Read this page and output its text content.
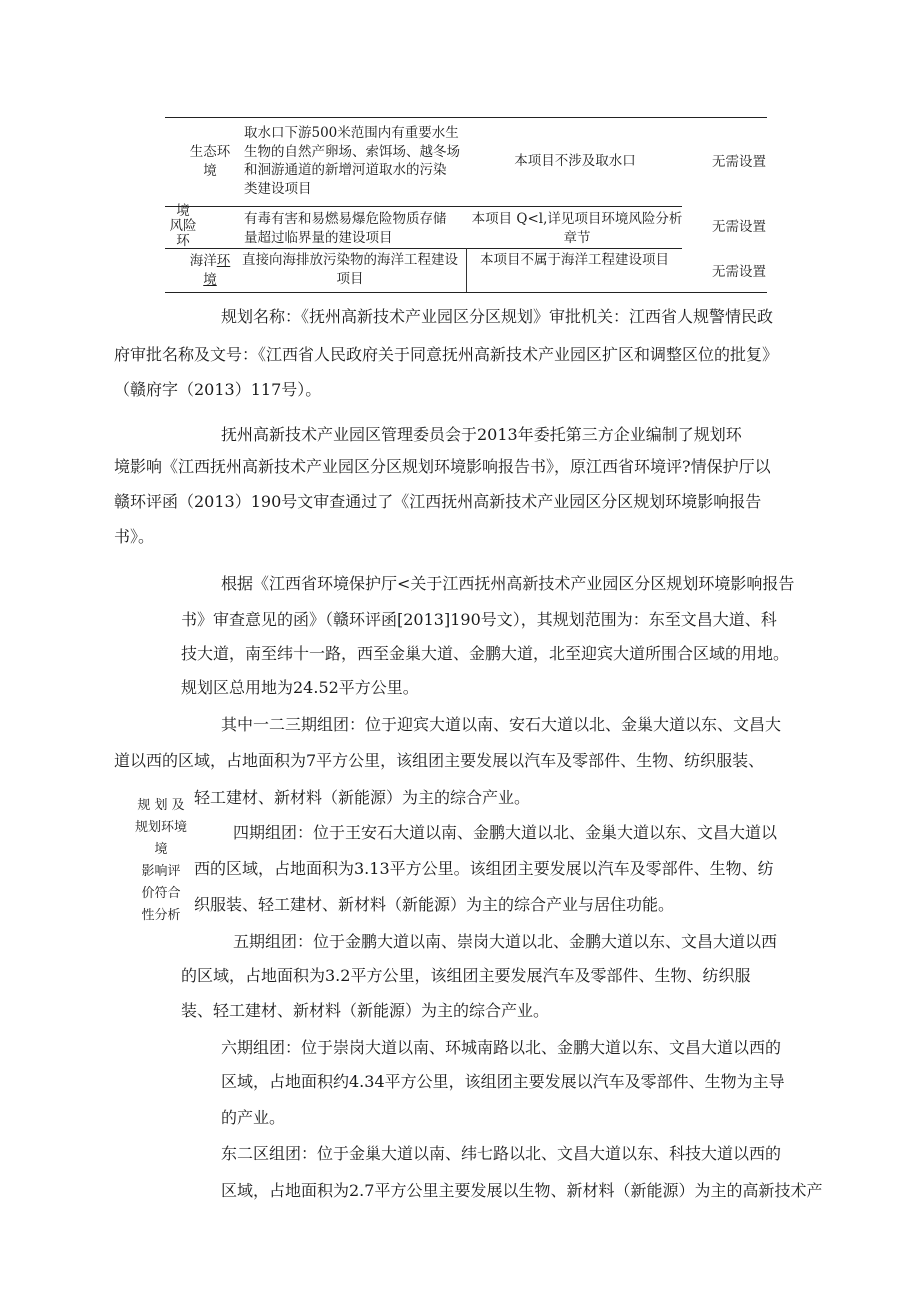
生态环
境
取水口下游500米范围内有重要水生
生物的自然产卵场、索饵场、越冬场
和洄游通道的新增河道取水的污染
类建设项目
本项目不涉及取水口	无需设置
境
风险
环
有毒有害和易燃易爆危险物质存储
量超过临界量的建设项目
本项目 Q<l,详见项目环境风险分析
章节
无需设置
海洋环
境
直接向海排放污染物的海洋工程建设
项目
本项目不属于海洋工程建设项目
无需设置
规 划 及
规划环境
境
影响评
价符合
性分析
规划名称：《抚州高新技术产业园区分区规划》审批机关：江西省人规警情民政
府审批名称及文号：《江西省人民政府关于同意抚州高新技术产业园区扩区和调整区位的批复》
（赣府字（2013）117号）。
抚州高新技术产业园区管理委员会于2013年委托第三方企业编制了规划环
境影响《江西抚州高新技术产业园区分区规划环境影响报告书》，原江西省环境评?情保护厅以
赣环评函（2013）190号文审查通过了《江西抚州高新技术产业园区分区规划环境影响报告
书》。
根据《江西省环境保护厅<关于江西抚州高新技术产业园区分区规划环境影响报告
书》审查意见的函》（赣环评函[2013]190号文），其规划范围为：东至文昌大道、科
技大道，南至纬十一路，西至金巢大道、金鹏大道，北至迎宾大道所围合区域的用地。
规划区总用地为24.52平方公里。
其中一二三期组团：位于迎宾大道以南、安石大道以北、金巢大道以东、文昌大
道以西的区域，占地面积为7平方公里，该组团主要发展以汽车及零部件、生物、纺织服装、
轻工建材、新材料（新能源）为主的综合产业。
四期组团：位于王安石大道以南、金鹏大道以北、金巢大道以东、文昌大道以
西的区域，占地面积为3.13平方公里。该组团主要发展以汽车及零部件、生物、纺
织服装、轻工建材、新材料（新能源）为主的综合产业与居住功能。
五期组团：位于金鹏大道以南、崇岗大道以北、金鹏大道以东、文昌大道以西
的区域，占地面积为3.2平方公里，该组团主要发展汽车及零部件、生物、纺织服
装、轻工建材、新材料（新能源）为主的综合产业。
六期组团：位于崇岗大道以南、环城南路以北、金鹏大道以东、文昌大道以西的
区域，占地面积约4.34平方公里，该组团主要发展以汽车及零部件、生物为主导
的产业。
东二区组团：位于金巢大道以南、纬七路以北、文昌大道以东、科技大道以西的
区域，占地面积为2.7平方公里主要发展以生物、新材料（新能源）为主的高新技术产
